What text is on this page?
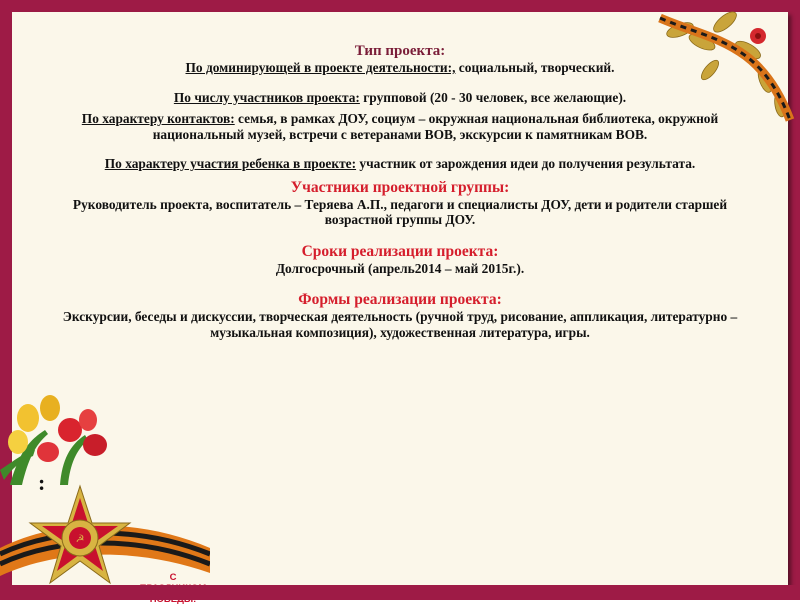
Тип проекта:

По доминирующей в проекте деятельности:, социальный, творческий.

По числу участников проекта: групповой (20 - 30 человек, все желающие).

По характеру контактов: семья, в рамках ДОУ, социум – окружная национальная библиотека, окружной национальный музей, встречи с ветеранами ВОВ, экскурсии к памятникам ВОВ.

По характеру участия ребенка в проекте: участник от зарождения идеи до получения результата.

Участники проектной группы:

Руководитель проекта, воспитатель – Теряева А.П., педагоги и специалисты ДОУ, дети и родители старшей возрастной группы ДОУ.

Сроки реализации проекта:

Долгосрочный (апрель2014 – май 2015г.).

Формы реализации проекта:

Экскурсии, беседы и дискуссии, творческая деятельность (ручной труд, рисование, аппликация, литературно – музыкальная композиция), художественная литература, игры.

:
☭
С
